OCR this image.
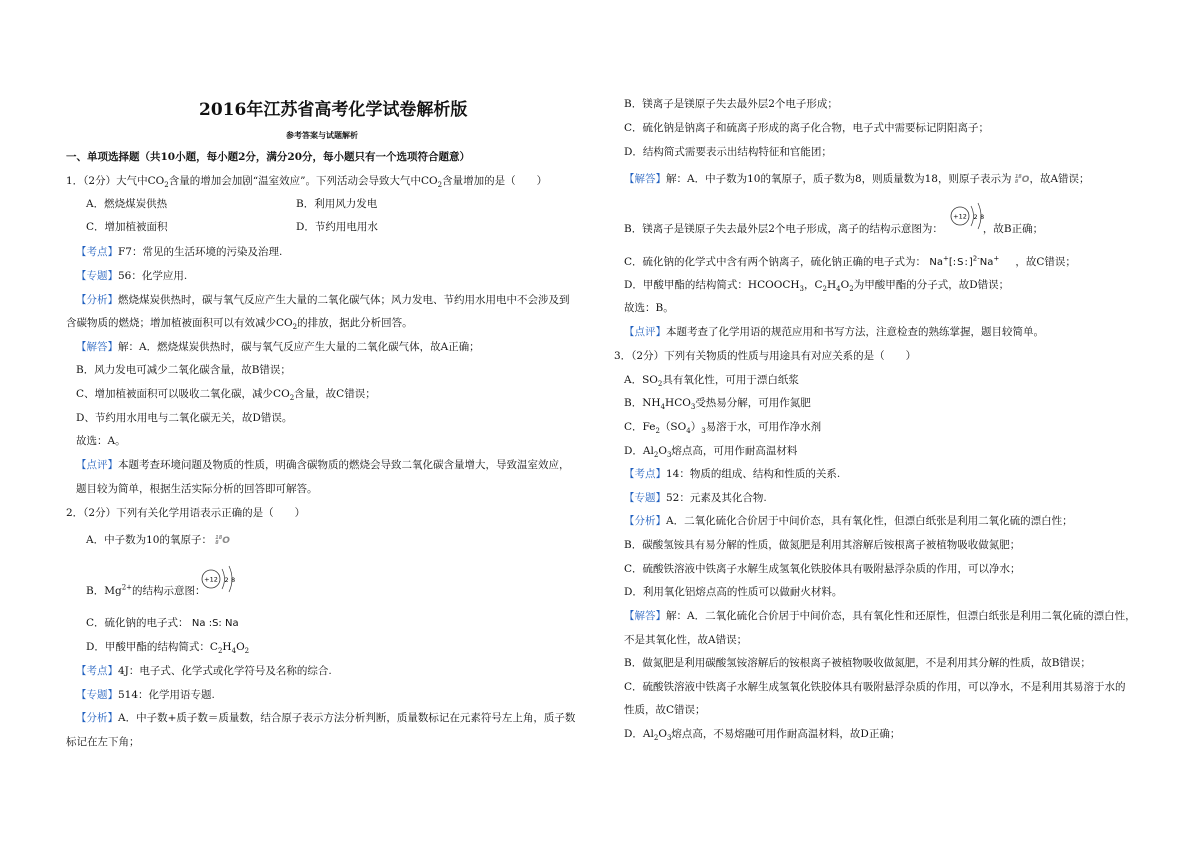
2016年江苏省高考化学试卷解析版
参考答案与试题解析
一、单项选择题（共10小题，每小题2分，满分20分，每小题只有一个选项符合题意）
1．（2分）大气中$CO_2$含量的增加会加剧“温室效应”。下列活动会导致大气中$CO_2$含量增加的是（　　）
A．燃烧煤炭供热	B．利用风力发电
C．增加植被面积	D．节约用电用水
【考点】F7：常见的生活环境的污染及治理.
【专题】56：化学应用.
【分析】燃烧煤炭供热时，碳与氧气反应产生大量的二氧化碳气体；风力发电、节约用水用电中不会涉及到
含碳物质的燃烧；增加植被面积可以有效减少$CO_2$的排放，据此分析回答。
【解答】解：A．燃烧煤炭供热时，碳与氧气反应产生大量的二氧化碳气体，故A正确；
B．风力发电可减少二氧化碳含量，故B错误；
C、增加植被面积可以吸收二氧化碳，减少$CO_2$含量，故C错误；
D、节约用水用电与二氧化碳无关，故D错误。
故选：A。
【点评】本题考查环境问题及物质的性质，明确含碳物质的燃烧会导致二氧化碳含量增大，导致温室效应，
题目较为简单，根据生活实际分析的回答即可解答。
2．（2分）下列有关化学用语表示正确的是（　　）
A．中子数为10的氧原子： 18
8 O
B．$Mg^{2+}$的结构示意图：
+12 2 8
C．硫化钠的电子式： Na :S: Na
D．甲酸甲酯的结构简式：$C_2H_4O_2$
【考点】4J：电子式、化学式或化学符号及名称的综合.
【专题】514：化学用语专题.
【分析】A．中子数+质子数＝质量数，结合原子表示方法分析判断，质量数标记在元素符号左上角，质子数
标记在左下角；
B．镁离子是镁原子失去最外层2个电子形成；
C．硫化钠是钠离子和硫离子形成的离子化合物，电子式中需要标记阴阳离子；
D．结构简式需要表示出结构特征和官能团；
【解答】解：A．中子数为10的氧原子，质子数为8，则质量数为18，则原子表示为 18
8 O，故A错误；
B．镁离子是镁原子失去最外层2个电子形成，离子的结构示意图为：	，故B正确；
+12 2 8
C．硫化钠的化学式中含有两个钠离子，硫化钠正确的电子式为： Na+[:S:]$^{2-}$Na+ ，故C错误；
D．甲酸甲酯的结构简式：$HCOOCH_3$，$C_2H_4O_2$为甲酸甲酯的分子式，故D错误；
故选：B。
【点评】本题考查了化学用语的规范应用和书写方法，注意检查的熟练掌握，题目较简单。
3．（2分）下列有关物质的性质与用途具有对应关系的是（　　）
A．$SO_2$具有氧化性，可用于漂白纸浆
B．$NH_4HCO_3$受热易分解，可用作氮肥
C．$Fe_2(SO_4)_3$易溶于水，可用作净水剂
D．$Al_2O_3$熔点高，可用作耐高温材料
【考点】14：物质的组成、结构和性质的关系.
【专题】52：元素及其化合物.
【分析】A．二氧化硫化合价居于中间价态，具有氧化性，但漂白纸张是利用二氧化硫的漂白性；
B．碳酸氢铵具有易分解的性质，做氮肥是利用其溶解后铵根离子被植物吸收做氮肥；
C．硫酸铁溶液中铁离子水解生成氢氧化铁胶体具有吸附悬浮杂质的作用，可以净水；
D．利用氧化铝熔点高的性质可以做耐火材料。
【解答】解：A．二氧化硫化合价居于中间价态，具有氧化性和还原性，但漂白纸张是利用二氧化硫的漂白性，
不是其氧化性，故A错误；
B．做氮肥是利用碳酸氢铵溶解后的铵根离子被植物吸收做氮肥，不是利用其分解的性质，故B错误；
C．硫酸铁溶液中铁离子水解生成氢氧化铁胶体具有吸附悬浮杂质的作用，可以净水，不是利用其易溶于水的
性质，故C错误；
D．$Al_2O_3$熔点高，不易熔融可用作耐高温材料，故D正确；
